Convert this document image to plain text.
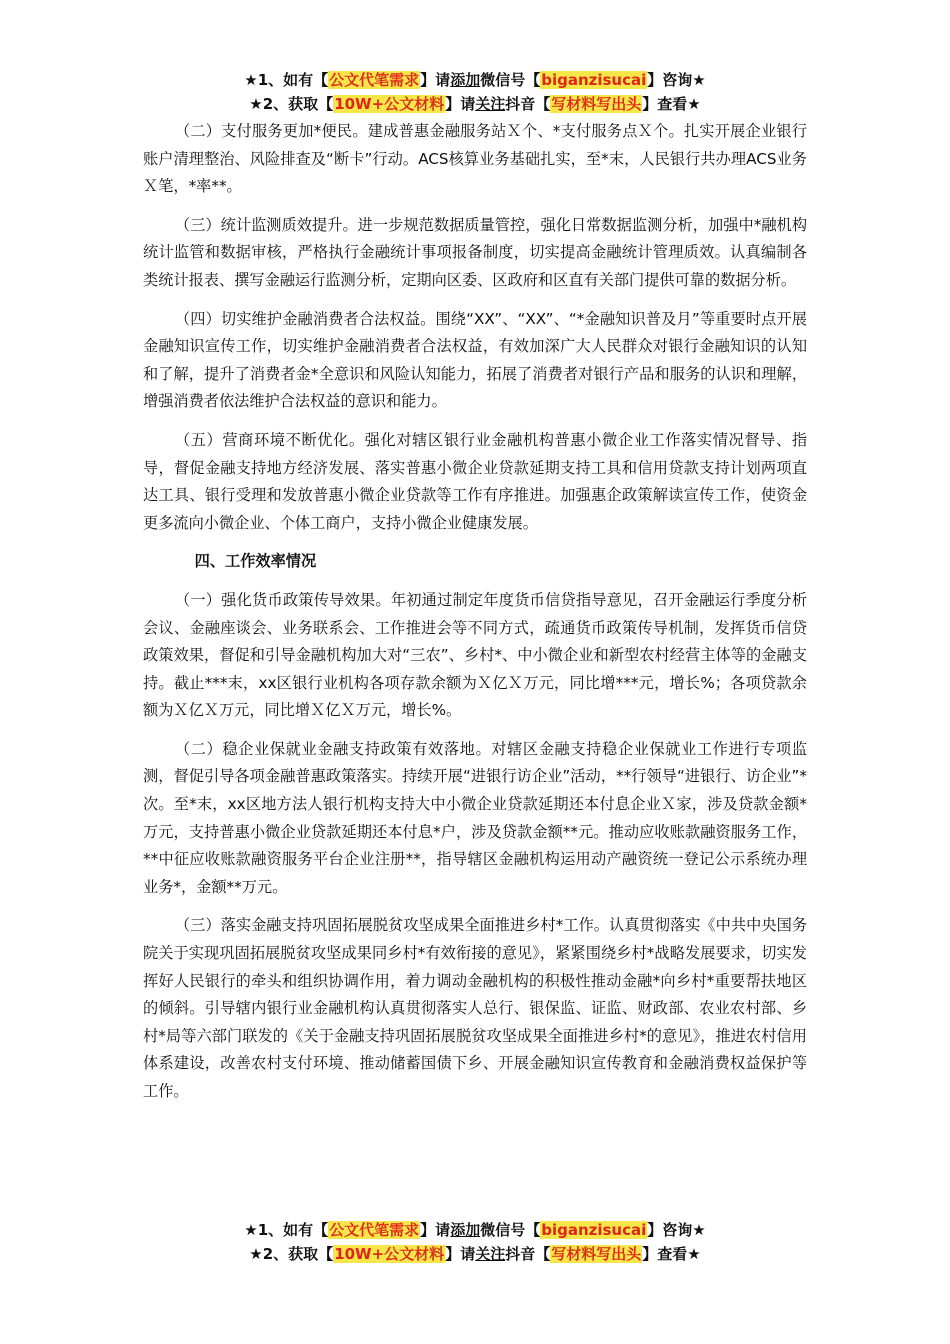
★1、如有【公文代笔需求】请添加微信号【biganzisucai】咨询★
★2、获取【10W+公文材料】请关注抖音【写材料写出头】查看★

（二）支付服务更加*便民。建成普惠金融服务站Ｘ个、*支付服务点Ｘ个。扎实开展企业银行账户清理整治、风险排查及“断卡”行动。ACS核算业务基础扎实，至*末，人民银行共办理ACS业务Ｘ笔，*率**。

（三）统计监测质效提升。进一步规范数据质量管控，强化日常数据监测分析，加强中*融机构统计监管和数据审核，严格执行金融统计事项报备制度，切实提高金融统计管理质效。认真编制各类统计报表、撰写金融运行监测分析，定期向区委、区政府和区直有关部门提供可靠的数据分析。

（四）切实维护金融消费者合法权益。围绕“XX”、“XX”、“*金融知识普及月”等重要时点开展金融知识宣传工作，切实维护金融消费者合法权益，有效加深广大人民群众对银行金融知识的认知和了解，提升了消费者金*全意识和风险认知能力，拓展了消费者对银行产品和服务的认识和理解，增强消费者依法维护合法权益的意识和能力。

（五）营商环境不断优化。强化对辖区银行业金融机构普惠小微企业工作落实情况督导、指导，督促金融支持地方经济发展、落实普惠小微企业贷款延期支持工具和信用贷款支持计划两项直达工具、银行受理和发放普惠小微企业贷款等工作有序推进。加强惠企政策解读宣传工作，使资金更多流向小微企业、个体工商户，支持小微企业健康发展。

四、工作效率情况

（一）强化货币政策传导效果。年初通过制定年度货币信贷指导意见，召开金融运行季度分析会议、金融座谈会、业务联系会、工作推进会等不同方式，疏通货币政策传导机制，发挥货币信贷政策效果，督促和引导金融机构加大对“三农”、乡村*、中小微企业和新型农村经营主体等的金融支持。截止***末，xx区银行业机构各项存款余额为Ｘ亿Ｘ万元，同比增***元，增长%；各项贷款余额为Ｘ亿Ｘ万元，同比增Ｘ亿Ｘ万元，增长%。

（二）稳企业保就业金融支持政策有效落地。对辖区金融支持稳企业保就业工作进行专项监测，督促引导各项金融普惠政策落实。持续开展“进银行访企业”活动，**行领导“进银行、访企业”*次。至*末，xx区地方法人银行机构支持大中小微企业贷款延期还本付息企业Ｘ家，涉及贷款金额*万元，支持普惠小微企业贷款延期还本付息*户，涉及贷款金额**元。推动应收账款融资服务工作，**中征应收账款融资服务平台企业注册**，指导辖区金融机构运用动产融资统一登记公示系统办理业务*，金额**万元。

（三）落实金融支持巩固拓展脱贫攻坚成果全面推进乡村*工作。认真贯彻落实《中共中央国务院关于实现巩固拓展脱贫攻坚成果同乡村*有效衔接的意见》，紧紧围绕乡村*战略发展要求，切实发挥好人民银行的牵头和组织协调作用，着力调动金融机构的积极性推动金融*向乡村*重要帮扶地区的倾斜。引导辖内银行业金融机构认真贯彻落实人总行、银保监、证监、财政部、农业农村部、乡村*局等六部门联发的《关于金融支持巩固拓展脱贫攻坚成果全面推进乡村*的意见》，推进农村信用体系建设，改善农村支付环境、推动储蓄国债下乡、开展金融知识宣传教育和金融消费权益保护等工作。

★1、如有【公文代笔需求】请添加微信号【biganzisucai】咨询★
★2、获取【10W+公文材料】请关注抖音【写材料写出头】查看★
